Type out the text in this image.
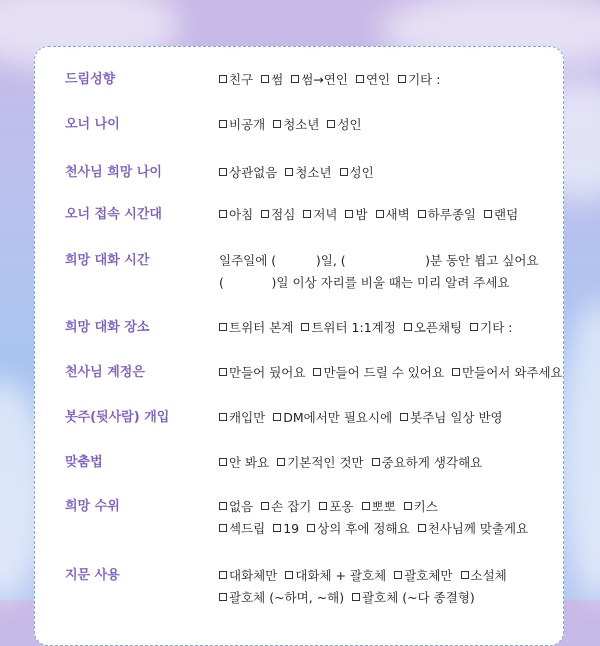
드림성향	친구 썸 썸→연인 연인 기타 :
오너 나이	비공개 청소년 성인
천사님 희망 나이	상관없음 청소년 성인
오너 접속 시간대	아침 점심 저녁 밤 새벽 하루종일 랜덤
희망 대화 시간	일주일에 (          )일, (                    )분 동안 뵙고 싶어요
(            )일 이상 자리를 비울 때는 미리 알려 주세요
희망 대화 장소	트위터 본계 트위터 1:1계정 오픈채팅 기타 :
천사님 계정은	만들어 뒀어요 만들어 드릴 수 있어요 만들어서 와주세요
봇주(뒷사람) 개입	캐입만 DM에서만 필요시에 봇주님 일상 반영
맞춤법	안 봐요 기본적인 것만 중요하게 생각해요
희망 수위	없음 손 잡기 포옹 뽀뽀 키스
섹드립 19 상의 후에 정해요 천사님께 맞출게요
지문 사용	대화체만 대화체 + 괄호체 괄호체만 소설체
괄호체 (~하며, ~해) 괄호체 (~다 종결형)
